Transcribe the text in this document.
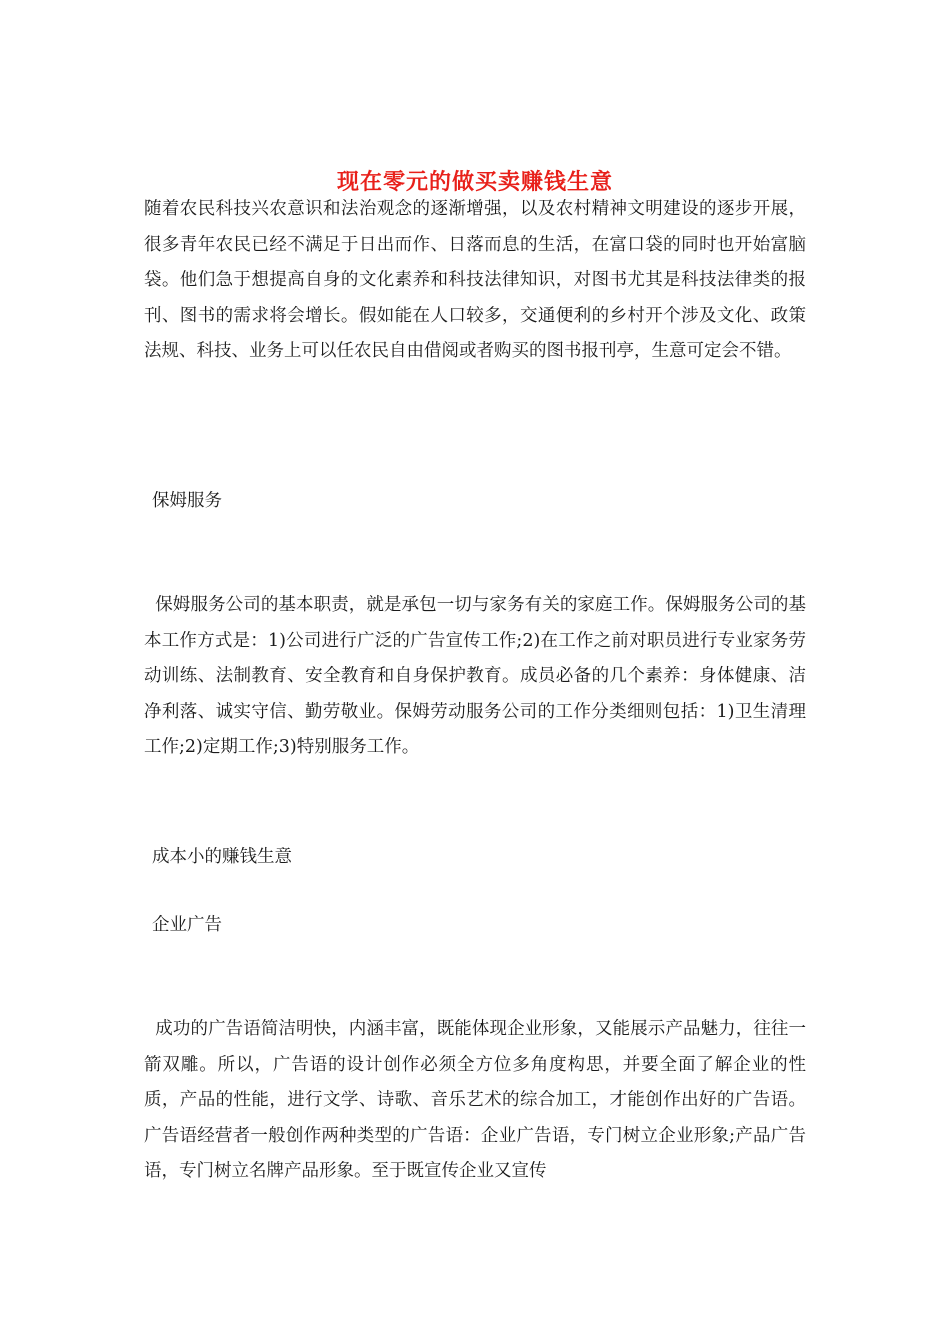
现在零元的做买卖赚钱生意

随着农民科技兴农意识和法治观念的逐渐增强，以及农村精神文明建设的逐步开展，很多青年农民已经不满足于日出而作、日落而息的生活，在富口袋的同时也开始富脑袋。他们急于想提高自身的文化素养和科技法律知识，对图书尤其是科技法律类的报刊、图书的需求将会增长。假如能在人口较多，交通便利的乡村开个涉及文化、政策法规、科技、业务上可以任农民自由借阅或者购买的图书报刊亭，生意可定会不错。

保姆服务

保姆服务公司的基本职责，就是承包一切与家务有关的家庭工作。保姆服务公司的基本工作方式是：1)公司进行广泛的广告宣传工作;2)在工作之前对职员进行专业家务劳动训练、法制教育、安全教育和自身保护教育。成员必备的几个素养：身体健康、洁净利落、诚实守信、勤劳敬业。保姆劳动服务公司的工作分类细则包括：1)卫生清理工作;2)定期工作;3)特别服务工作。

成本小的赚钱生意

企业广告

成功的广告语简洁明快，内涵丰富，既能体现企业形象，又能展示产品魅力，往往一箭双雕。所以，广告语的设计创作必须全方位多角度构思，并要全面了解企业的性质，产品的性能，进行文学、诗歌、音乐艺术的综合加工，才能创作出好的广告语。广告语经营者一般创作两种类型的广告语：企业广告语，专门树立企业形象;产品广告语，专门树立名牌产品形象。至于既宣传企业又宣传
